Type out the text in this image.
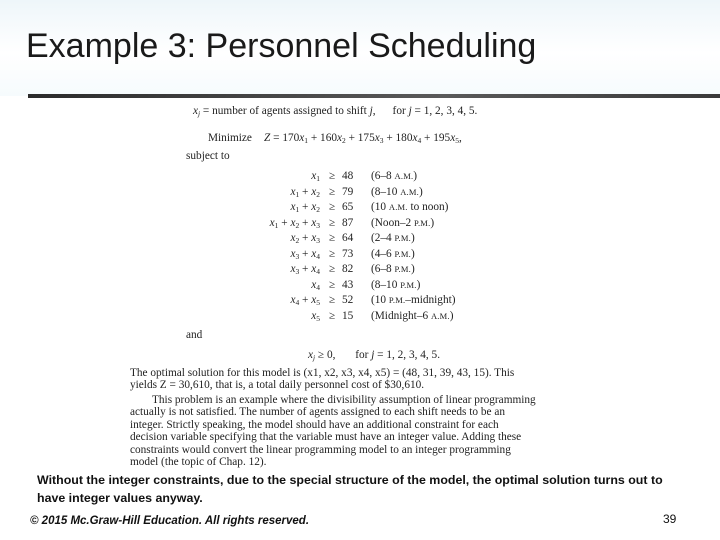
Example 3: Personnel Scheduling
$x_j$ = number of agents assigned to shift j,      for j = 1, 2, 3, 4, 5.
Minimize $Z = 170x_1 + 160x_2 + 175x_3 + 180x_4 + 195x_5$,
subject to
$x_1 \ge 48$ (6–8 A.M.)
$x_1 + x_2 \ge 79$ (8–10 A.M.)
$x_1 + x_2 \ge 65$ (10 A.M. to noon)
$x_1 + x_2 + x_3 \ge 87$ (Noon–2 P.M.)
$x_2 + x_3 \ge 64$ (2–4 P.M.)
$x_3 + x_4 \ge 73$ (4–6 P.M.)
$x_3 + x_4 \ge 82$ (6–8 P.M.)
$x_4 \ge 43$ (8–10 P.M.)
$x_4 + x_5 \ge 52$ (10 P.M.–midnight)
$x_5 \ge 15$ (Midnight–6 A.M.)
and
$x_j \ge 0$,       for j = 1, 2, 3, 4, 5.
The optimal solution for this model is (x1, x2, x3, x4, x5) = (48, 31, 39, 43, 15). This yields Z = 30,610, that is, a total daily personnel cost of $30,610.
This problem is an example where the divisibility assumption of linear programming actually is not satisfied. The number of agents assigned to each shift needs to be an integer. Strictly speaking, the model should have an additional constraint for each decision variable specifying that the variable must have an integer value. Adding these constraints would convert the linear programming model to an integer programming model (the topic of Chap. 12).
Without the integer constraints, due to the special structure of the model, the optimal solution turns out to have integer values anyway.
© 2015 Mc.Graw-Hill Education. All rights reserved.	39
